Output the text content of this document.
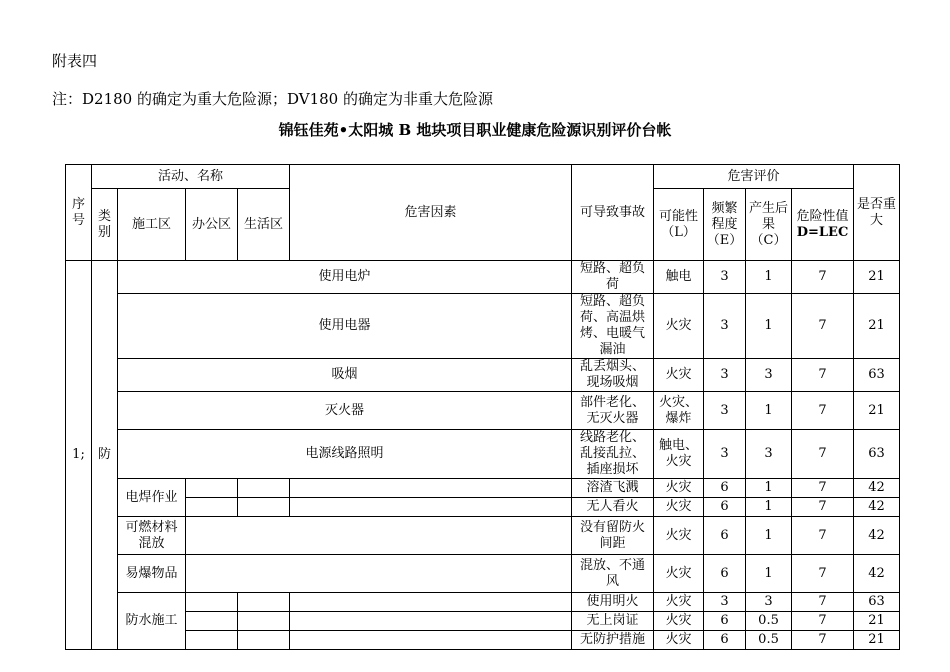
附表四
注：D2180 的确定为重大危险源；DV180 的确定为非重大危险源
锦钰佳苑•太阳城 B 地块项目职业健康危险源识别评价台帐
序号	活动、名称				危害因素	可导致事故	危害评价				是否重大	
	类别	施工区	办公区	生活区			可能性（L）	频繁程度（E）	产生后果（C）	危险性值
D=LEC		

1;	防	使用电炉				短路、超负荷	触电	3	1	7	21	
		使用电器				短路、超负荷、高温烘烤、电暖气漏油	火灾	3	1	7	21	
		吸烟				乱丢烟头、现场吸烟	火灾	3	3	7	63	
		灭火器				部件老化、无灭火器	火灾、爆炸	3	1	7	21	
		电源线路照明				线路老化、乱接乱拉、插座损坏	触电、火灾	3	3	7	63	
		电焊作业				溶渣飞溅	火灾	6	1	7	42	
						无人看火	火灾	6	1	7	42	
		可燃材料混放				没有留防火间距	火灾	6	1	7	42	
		易爆物品				混放、不通风	火灾	6	1	7	42	
		防水施工				使用明火	火灾	3	3	7	63	
						无上岗证	火灾	6	0.5	7	21	
						无防护措施	火灾	6	0.5	7	21	
